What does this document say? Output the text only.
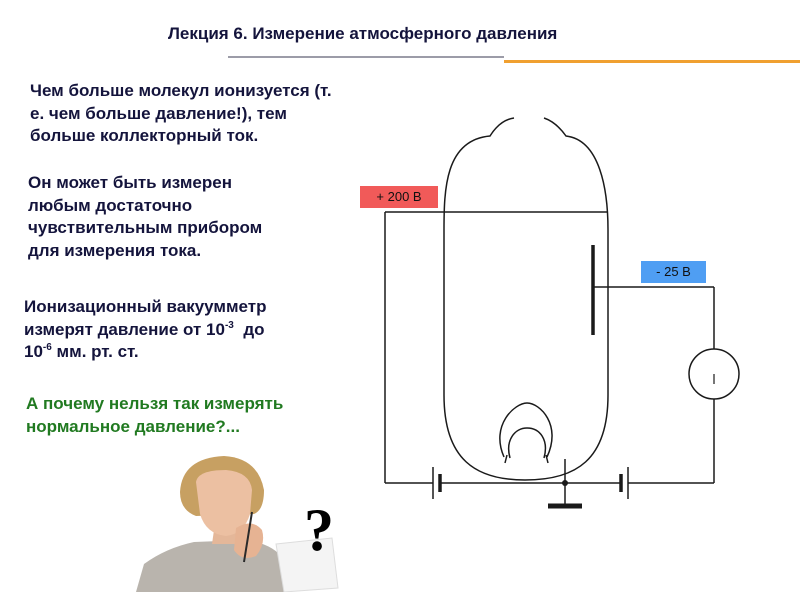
Лекция 6. Измерение атмосферного давления

Чем больше молекул ионизуется (т.
е. чем больше давление!), тем
больше коллекторный ток.

Он может быть измерен
любым достаточно
чувствительным прибором
для измерения тока.

Ионизационный вакуумметр
измерят давление от $10^{-3}$  до
$10^{-6}$ мм. рт. ст.

А почему нельзя так измерять
нормальное давление?...

+ 200 В
- 25 В
?
